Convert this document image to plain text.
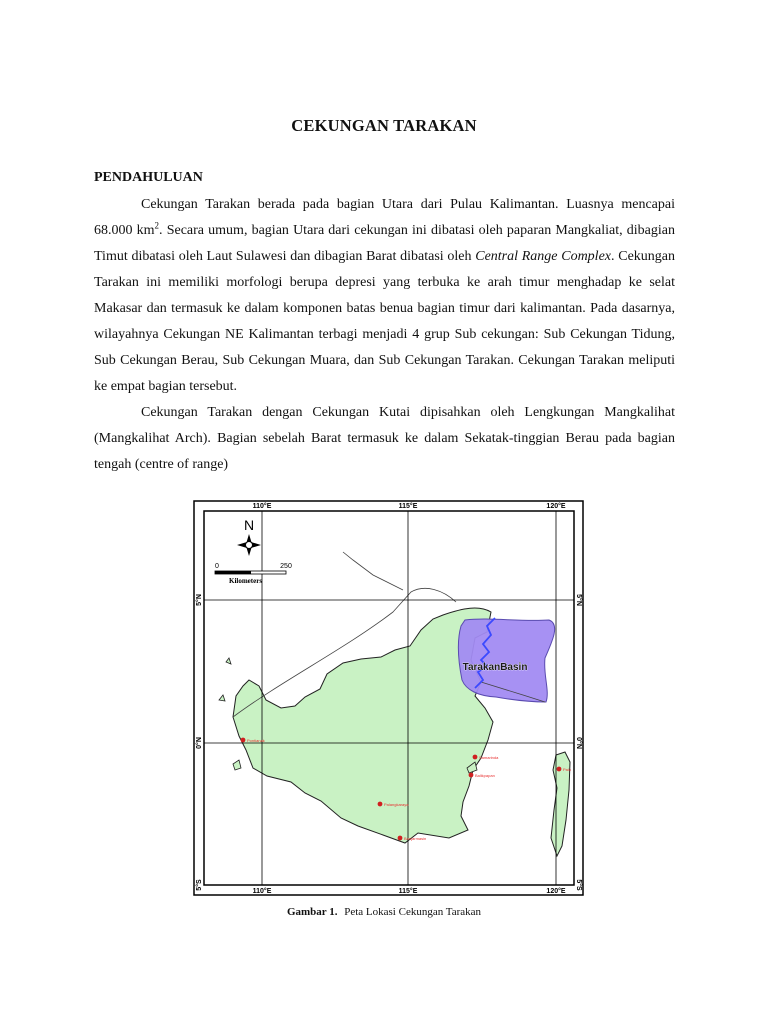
CEKUNGAN TARAKAN
PENDAHULUAN

Cekungan Tarakan berada pada bagian Utara dari Pulau Kalimantan. Luasnya mencapai 68.000 $km^2$. Secara umum, bagian Utara dari cekungan ini dibatasi oleh paparan Mangkaliat, dibagian Timut dibatasi oleh Laut Sulawesi dan dibagian Barat dibatasi oleh Central Range Complex. Cekungan Tarakan ini memiliki morfologi berupa depresi yang terbuka ke arah timur menghadap ke selat Makasar dan termasuk ke dalam komponen batas benua bagian timur dari kalimantan. Pada dasarnya, wilayahnya Cekungan NE Kalimantan terbagi menjadi 4 grup Sub cekungan: Sub Cekungan Tidung, Sub Cekungan Berau, Sub Cekungan Muara, dan Sub Cekungan Tarakan. Cekungan Tarakan meliputi ke empat bagian tersebut.

Cekungan Tarakan dengan Cekungan Kutai dipisahkan oleh Lengkungan Mangkalihat (Mangkalihat Arch). Bagian sebelah Barat termasuk ke dalam Sekatak-tinggian Berau pada bagian tengah (centre of range)

110°E	115°E	120°E
110°E	115°E	120°E
5°N
0°N
5°S
5°N
0°N
5°S
N
0	250
Kilometers
TarakanBasin
Pontianak
Palangkaraya
Banjarmasin
Samarinda
Balikpapan
Palu
Gambar 1. Peta Lokasi Cekungan Tarakan
